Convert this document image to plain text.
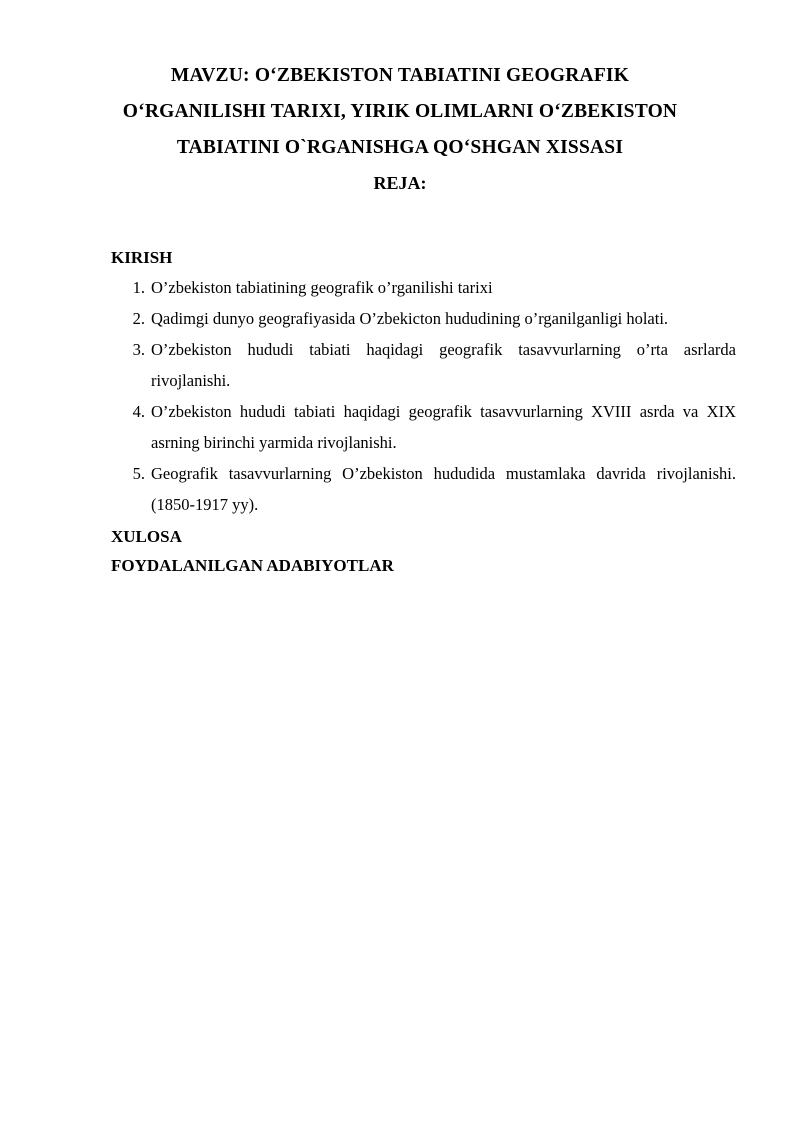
MAVZU: O‘ZBEKISTON TABIATINI GEOGRAFIK
O‘RGANILISHI TARIXI, YIRIK OLIMLARNI O‘ZBEKISTON
TABIATINI O`RGANISHGA QO‘SHGAN XISSASI

REJA:

KIRISH

1. O’zbekiston tabiatining geografik o’rganilishi tarixi
2. Qadimgi dunyo geografiyasida O’zbekicton hududining o’rganilganligi holati.
3. O’zbekiston hududi tabiati haqidagi geografik tasavvurlarning o’rta asrlarda rivojlanishi.
4. O’zbekiston hududi tabiati haqidagi geografik tasavvurlarning XVIII asrda va XIX asrning birinchi yarmida rivojlanishi.
5. Geografik tasavvurlarning O’zbekiston hududida mustamlaka davrida rivojlanishi. (1850-1917 yy).

XULOSA

FOYDALANILGAN ADABIYOTLAR
